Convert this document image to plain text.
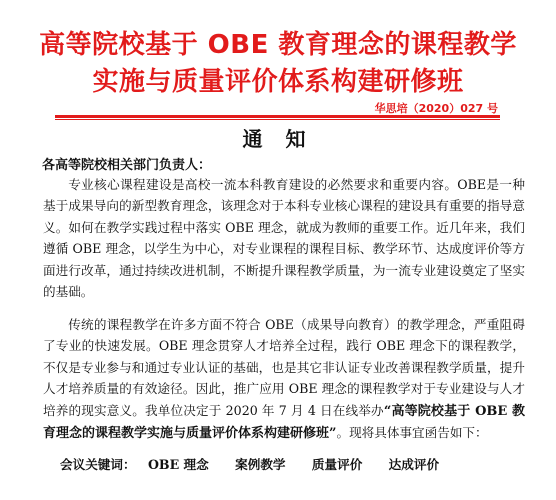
高等院校基于 OBE 教育理念的课程教学
实施与质量评价体系构建研修班
华思培（2020）027 号
通 知
各高等院校相关部门负责人：
专业核心课程建设是高校一流本科教育建设的必然要求和重要内容。OBE是一种基于成果导向的新型教育理念，该理念对于本科专业核心课程的建设具有重要的指导意义。如何在教学实践过程中落实 OBE 理念，就成为教师的重要工作。近几年来，我们遵循 OBE 理念，以学生为中心，对专业课程的课程目标、教学环节、达成度评价等方面进行改革，通过持续改进机制，不断提升课程教学质量，为一流专业建设奠定了坚实的基础。
传统的课程教学在许多方面不符合 OBE（成果导向教育）的教学理念，严重阻碍了专业的快速发展。OBE 理念贯穿人才培养全过程，践行 OBE 理念下的课程教学，不仅是专业参与和通过专业认证的基础，也是其它非认证专业改善课程教学质量，提升人才培养质量的有效途径。因此，推广应用 OBE 理念的课程教学对于专业建设与人才培养的现实意义。我单位决定于 2020 年 7 月 4 日在线举办“高等院校基于 OBE 教育理念的课程教学实施与质量评价体系构建研修班”。现将具体事宜函告如下：
会议关键词： OBE 理念 案例教学 质量评价 达成评价
